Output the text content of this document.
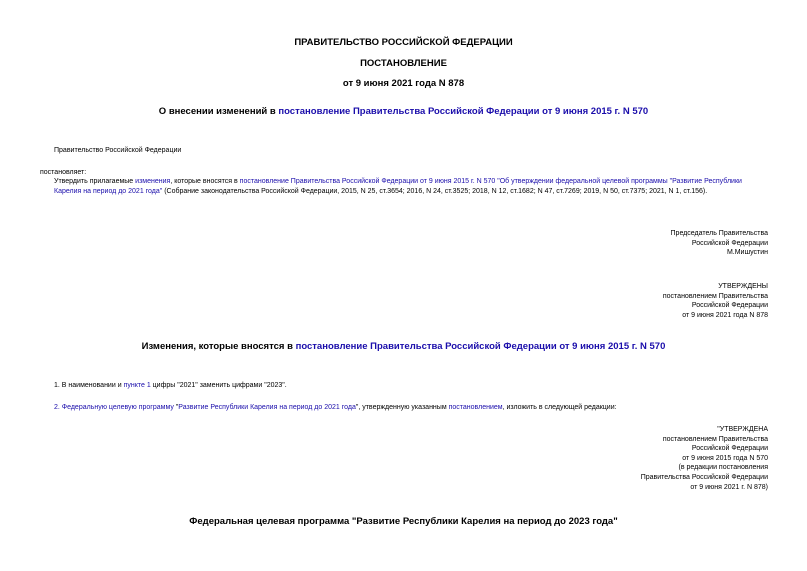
ПРАВИТЕЛЬСТВО РОССИЙСКОЙ ФЕДЕРАЦИИ
ПОСТАНОВЛЕНИЕ
от 9 июня 2021 года N 878
О внесении изменений в постановление Правительства Российской Федерации от 9 июня 2015 г. N 570
Правительство Российской Федерации
постановляет:
Утвердить прилагаемые изменения, которые вносятся в постановление Правительства Российской Федерации от 9 июня 2015 г. N 570 "Об утверждении федеральной целевой программы "Развитие Республики Карелия на период до 2021 года" (Собрание законодательства Российской Федерации, 2015, N 25, ст.3654; 2016, N 24, ст.3525; 2018, N 12, ст.1682; N 47, ст.7269; 2019, N 50, ст.7375; 2021, N 1, ст.156).
Председатель Правительства
Российской Федерации
М.Мишустин
УТВЕРЖДЕНЫ
постановлением Правительства
Российской Федерации
от 9 июня 2021 года N 878
Изменения, которые вносятся в постановление Правительства Российской Федерации от 9 июня 2015 г. N 570
1. В наименовании и пункте 1 цифры "2021" заменить цифрами "2023".
2. Федеральную целевую программу "Развитие Республики Карелия на период до 2021 года", утвержденную указанным постановлением, изложить в следующей редакции:
"УТВЕРЖДЕНА
постановлением Правительства
Российской Федерации
от 9 июня 2015 года N 570
(в редакции постановления
Правительства Российской Федерации
от 9 июня 2021 г. N 878)
Федеральная целевая программа "Развитие Республики Карелия на период до 2023 года"
